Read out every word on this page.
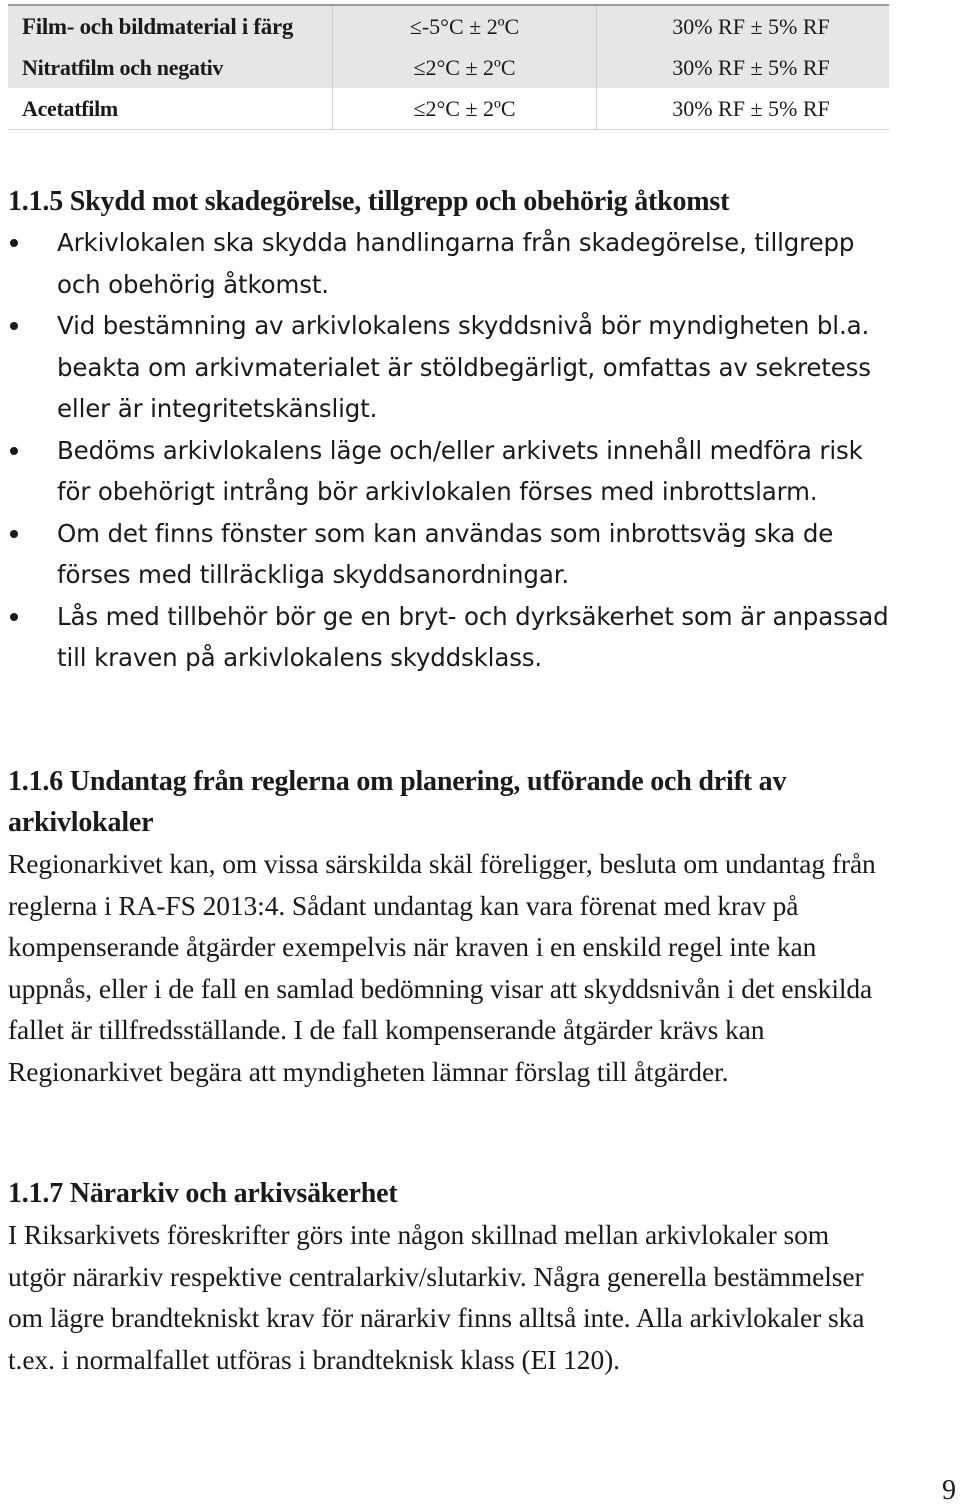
Film- och bildmaterial i färg	≤-5°C ± 2ºC	30% RF ± 5% RF
Nitratfilm och negativ	≤2°C ± 2ºC	30% RF ± 5% RF
Acetatfilm	≤2°C ± 2ºC	30% RF ± 5% RF
1.1.5 Skydd mot skadegörelse, tillgrepp och obehörig åtkomst
Arkivlokalen ska skydda handlingarna från skadegörelse, tillgrepp och obehörig åtkomst.
Vid bestämning av arkivlokalens skyddsnivå bör myndigheten bl.a. beakta om arkivmaterialet är stöldbegärligt, omfattas av sekretess eller är integritetskänsligt.
Bedöms arkivlokalens läge och/eller arkivets innehåll medföra risk för obehörigt intrång bör arkivlokalen förses med inbrottslarm.
Om det finns fönster som kan användas som inbrottsväg ska de förses med tillräckliga skyddsanordningar.
Lås med tillbehör bör ge en bryt- och dyrksäkerhet som är anpassad till kraven på arkivlokalens skyddsklass.
1.1.6 Undantag från reglerna om planering, utförande och drift av arkivlokaler

Regionarkivet kan, om vissa särskilda skäl föreligger, besluta om undantag från reglerna i RA-FS 2013:4. Sådant undantag kan vara förenat med krav på kompenserande åtgärder exempelvis när kraven i en enskild regel inte kan uppnås, eller i de fall en samlad bedömning visar att skyddsnivån i det enskilda fallet är tillfredsställande. I de fall kompenserande åtgärder krävs kan Regionarkivet begära att myndigheten lämnar förslag till åtgärder.

1.1.7 Närarkiv och arkivsäkerhet

I Riksarkivets föreskrifter görs inte någon skillnad mellan arkivlokaler som utgör närarkiv respektive centralarkiv/slutarkiv. Några generella bestämmelser om lägre brandtekniskt krav för närarkiv finns alltså inte. Alla arkivlokaler ska t.ex. i normalfallet utföras i brandteknisk klass (EI 120).

9
